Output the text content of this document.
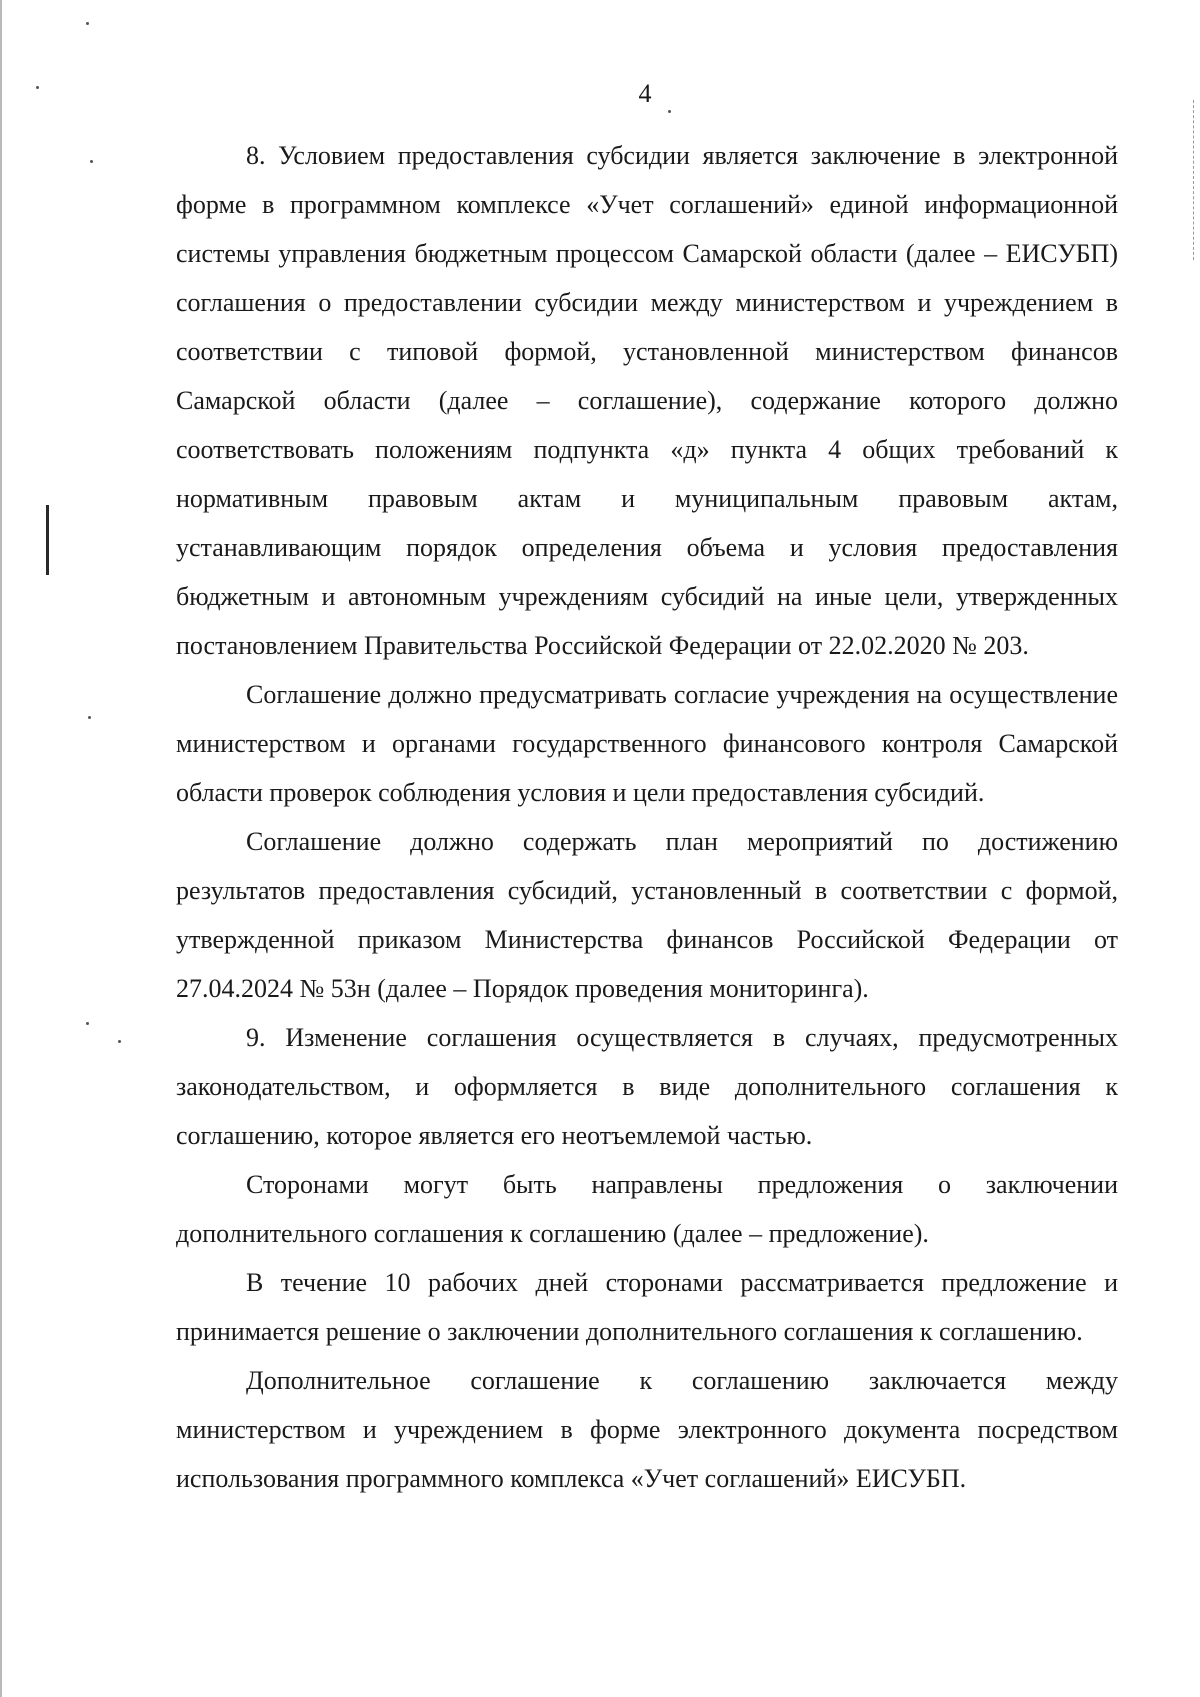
4

8. Условием предоставления субсидии является заключение в электронной форме в программном комплексе «Учет соглашений» единой информационной системы управления бюджетным процессом Самарской области (далее – ЕИСУБП) соглашения о предоставлении субсидии между министерством и учреждением в соответствии с типовой формой, установленной министерством финансов Самарской области (далее – соглашение), содержание которого должно соответствовать положениям подпункта «д» пункта 4 общих требований к нормативным правовым актам и муниципальным правовым актам, устанавливающим порядок определения объема и условия предоставления бюджетным и автономным учреждениям субсидий на иные цели, утвержденных постановлением Правительства Российской Федерации от 22.02.2020 № 203.

Соглашение должно предусматривать согласие учреждения на осуществление министерством и органами государственного финансового контроля Самарской области проверок соблюдения условия и цели предоставления субсидий.

Соглашение должно содержать план мероприятий по достижению результатов предоставления субсидий, установленный в соответствии с формой, утвержденной приказом Министерства финансов Российской Федерации от 27.04.2024 № 53н (далее – Порядок проведения мониторинга).

9. Изменение соглашения осуществляется в случаях, предусмотренных законодательством, и оформляется в виде дополнительного соглашения к соглашению, которое является его неотъемлемой частью.

Сторонами могут быть направлены предложения о заключении дополнительного соглашения к соглашению (далее – предложение).

В течение 10 рабочих дней сторонами рассматривается предложение и принимается решение о заключении дополнительного соглашения к соглашению.

Дополнительное соглашение к соглашению заключается между министерством и учреждением в форме электронного документа посредством использования программного комплекса «Учет соглашений» ЕИСУБП.
